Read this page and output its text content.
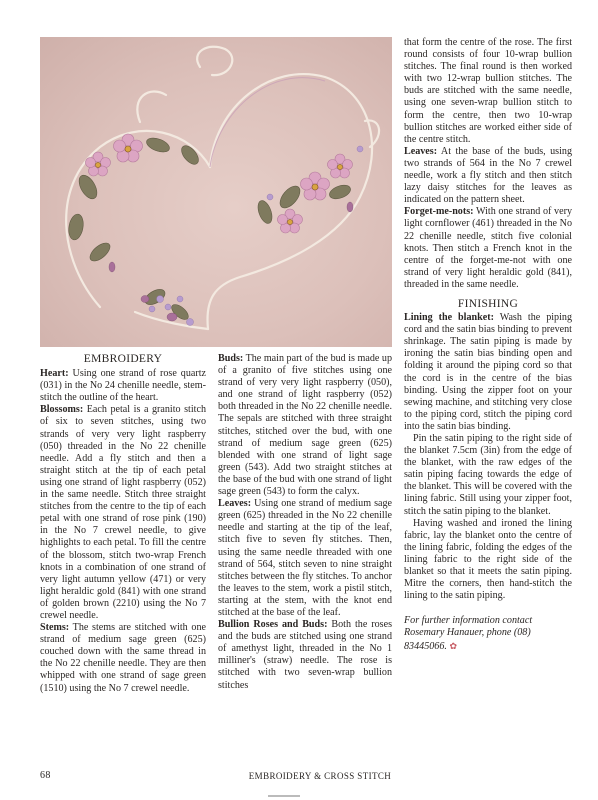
EMBROIDERY

Heart: Using one strand of rose quartz (031) in the No 24 chenille needle, stem-stitch the outline of the heart.

Blossoms: Each petal is a granito stitch of six to seven stitches, using two strands of very very light raspberry (050) threaded in the No 22 chenille needle. Add a fly stitch and then a straight stitch at the tip of each petal using one strand of light raspberry (052) in the same needle. Stitch three straight stitches from the centre to the tip of each petal with one strand of rose pink (190) in the No 7 crewel needle, to give highlights to each petal. To fill the centre of the blossom, stitch two-wrap French knots in a combination of one strand of very light autumn yellow (471) or very light heraldic gold (841) with one strand of golden brown (2210) using the No 7 crewel needle.

Stems: The stems are stitched with one strand of medium sage green (625) couched down with the same thread in the No 22 chenille needle. They are then whipped with one strand of sage green (1510) using the No 7 crewel needle.

Buds: The main part of the bud is made up of a granito of five stitches using one strand of very very light raspberry (050), and one strand of light raspberry (052) both threaded in the No 22 chenille needle. The sepals are stitched with three straight stitches, stitched over the bud, with one strand of medium sage green (625) blended with one strand of light sage green (543). Add two straight stitches at the base of the bud with one strand of light sage green (543) to form the calyx.

Leaves: Using one strand of medium sage green (625) threaded in the No 22 chenille needle and starting at the tip of the leaf, stitch five to seven fly stitches. Then, using the same needle threaded with one strand of 564, stitch seven to nine straight stitches between the fly stitches. To anchor the leaves to the stem, work a pistil stitch, starting at the stem, with the knot end stitched at the base of the leaf.

Bullion Roses and Buds: Both the roses and the buds are stitched using one strand of amethyst light, threaded in the No 1 milliner's (straw) needle. The rose is stitched with two seven-wrap bullion stitches

that form the centre of the rose. The first round consists of four 10-wrap bullion stitches. The final round is then worked with two 12-wrap bullion stitches. The buds are stitched with the same needle, using one seven-wrap bullion stitch to form the centre, then two 10-wrap bullion stitches are worked either side of the centre stitch.

Leaves: At the base of the buds, using two strands of 564 in the No 7 crewel needle, work a fly stitch and then stitch lazy daisy stitches for the leaves as indicated on the pattern sheet.

Forget-me-nots: With one strand of very light cornflower (461) threaded in the No 22 chenille needle, stitch five colonial knots. Then stitch a French knot in the centre of the forget-me-not with one strand of very light heraldic gold (841), threaded in the same needle.

FINISHING

Lining the blanket: Wash the piping cord and the satin bias binding to prevent shrinkage. The satin piping is made by ironing the satin bias binding open and folding it around the piping cord so that the cord is in the centre of the bias binding. Using the zipper foot on your sewing machine, and stitching very close to the piping cord, stitch the piping cord into the satin bias binding.

Pin the satin piping to the right side of the blanket 7.5cm (3in) from the edge of the blanket, with the raw edges of the satin piping facing towards the edge of the blanket. This will be covered with the lining fabric. Still using your zipper foot, stitch the satin piping to the blanket.

Having washed and ironed the lining fabric, lay the blanket onto the centre of the lining fabric, folding the edges of the lining fabric to the right side of the blanket so that it meets the satin piping. Mitre the corners, then hand-stitch the lining to the satin piping.

For further information contact Rosemary Hanauer, phone (08) 83445066. ✿

68	EMBROIDERY & CROSS STITCH
